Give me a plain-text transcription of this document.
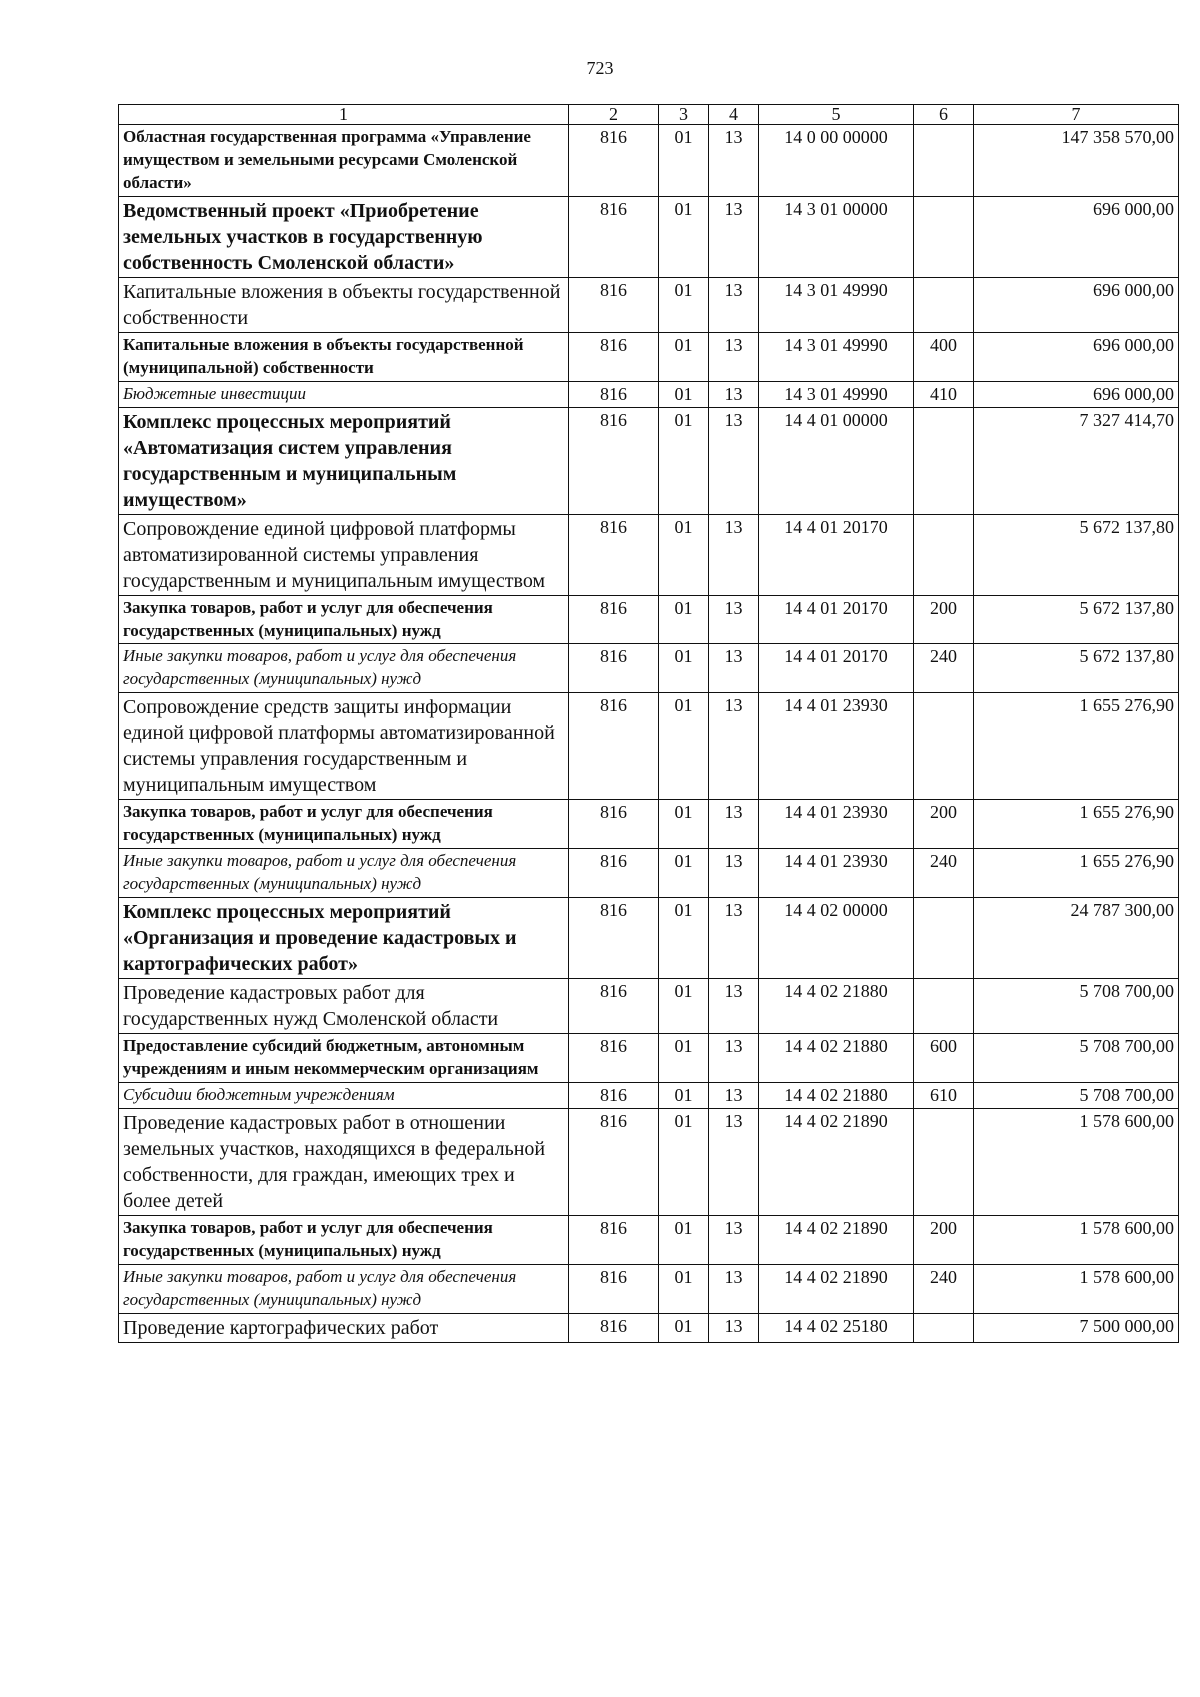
723
1	2	3	4	5	6	7
Областная государственная программа «Управление имуществом и земельными ресурсами Смоленской области»	816	01	13	14 0 00 00000		147 358 570,00
Ведомственный проект «Приобретение земельных участков в государственную собственность Смоленской области»	816	01	13	14 3 01 00000		696 000,00
Капитальные вложения в объекты государственной собственности	816	01	13	14 3 01 49990		696 000,00
Капитальные вложения в объекты государственной (муниципальной) собственности	816	01	13	14 3 01 49990	400	696 000,00
Бюджетные инвестиции	816	01	13	14 3 01 49990	410	696 000,00
Комплекс процессных мероприятий «Автоматизация систем управления государственным и муниципальным имуществом»	816	01	13	14 4 01 00000		7 327 414,70
Сопровождение единой цифровой платформы автоматизированной системы управления государственным и муниципальным имуществом	816	01	13	14 4 01 20170		5 672 137,80
Закупка товаров, работ и услуг для обеспечения государственных (муниципальных) нужд	816	01	13	14 4 01 20170	200	5 672 137,80
Иные закупки товаров, работ и услуг для обеспечения государственных (муниципальных) нужд	816	01	13	14 4 01 20170	240	5 672 137,80
Сопровождение средств защиты информации единой цифровой платформы автоматизированной системы управления государственным и муниципальным имуществом	816	01	13	14 4 01 23930		1 655 276,90
Закупка товаров, работ и услуг для обеспечения государственных (муниципальных) нужд	816	01	13	14 4 01 23930	200	1 655 276,90
Иные закупки товаров, работ и услуг для обеспечения государственных (муниципальных) нужд	816	01	13	14 4 01 23930	240	1 655 276,90
Комплекс процессных мероприятий «Организация и проведение кадастровых и картографических работ»	816	01	13	14 4 02 00000		24 787 300,00
Проведение кадастровых работ для государственных нужд Смоленской области	816	01	13	14 4 02 21880		5 708 700,00
Предоставление субсидий бюджетным, автономным учреждениям и иным некоммерческим организациям	816	01	13	14 4 02 21880	600	5 708 700,00
Субсидии бюджетным учреждениям	816	01	13	14 4 02 21880	610	5 708 700,00
Проведение кадастровых работ в отношении земельных участков, находящихся в федеральной собственности, для граждан, имеющих трех и более детей	816	01	13	14 4 02 21890		1 578 600,00
Закупка товаров, работ и услуг для обеспечения государственных (муниципальных) нужд	816	01	13	14 4 02 21890	200	1 578 600,00
Иные закупки товаров, работ и услуг для обеспечения государственных (муниципальных) нужд	816	01	13	14 4 02 21890	240	1 578 600,00
Проведение картографических работ	816	01	13	14 4 02 25180		7 500 000,00
